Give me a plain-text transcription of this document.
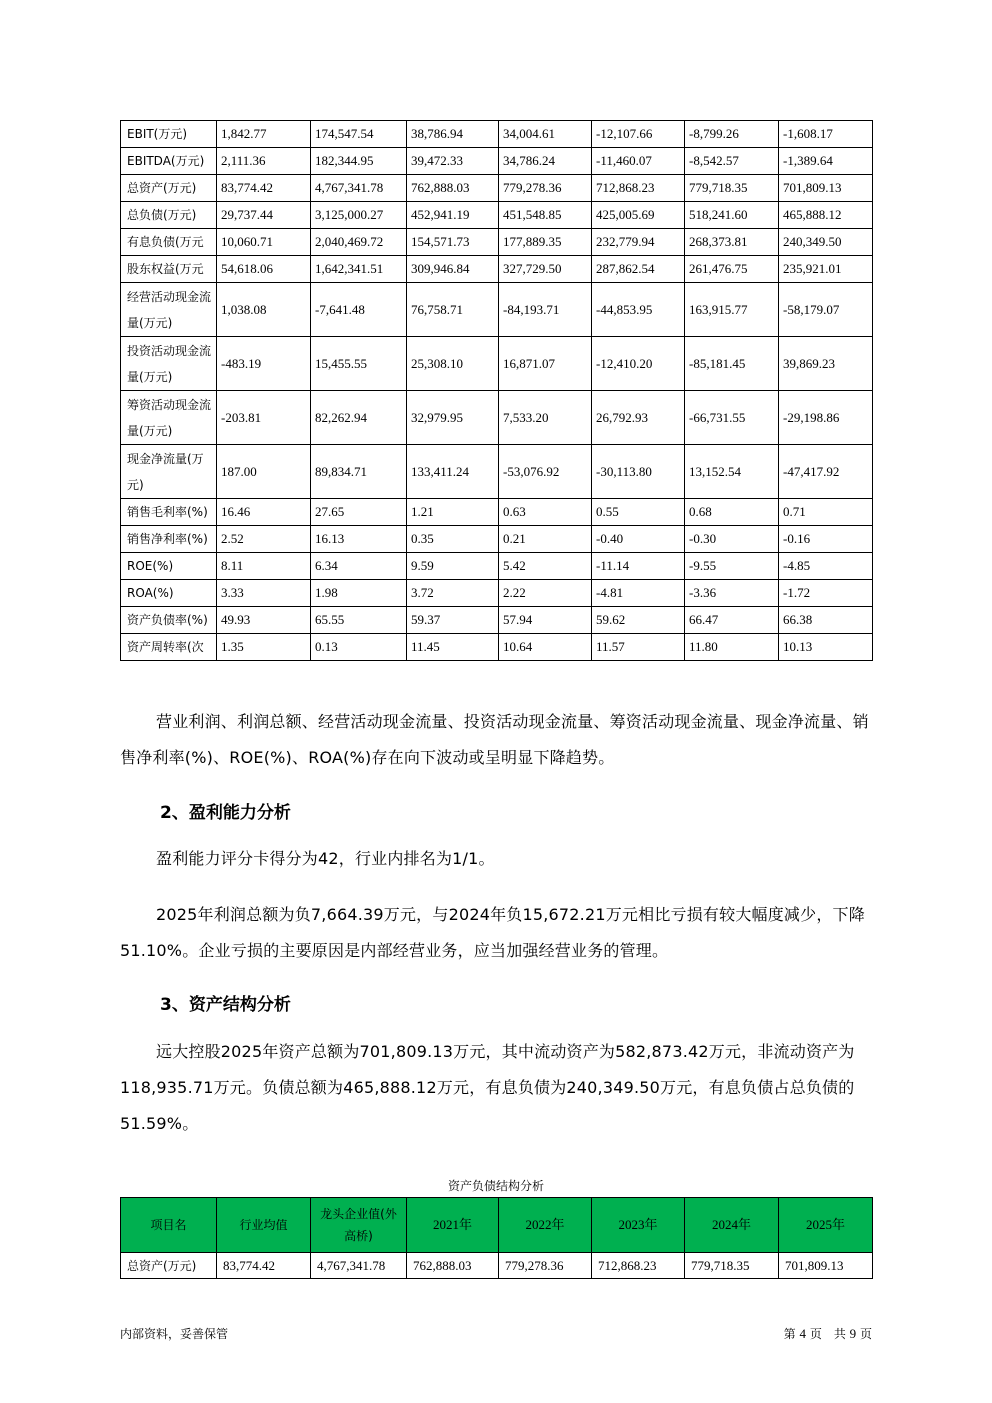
EBIT(万元)	1,842.77	174,547.54	38,786.94	34,004.61	-12,107.66	-8,799.26	-1,608.17
EBITDA(万元)	2,111.36	182,344.95	39,472.33	34,786.24	-11,460.07	-8,542.57	-1,389.64
总资产(万元)	83,774.42	4,767,341.78	762,888.03	779,278.36	712,868.23	779,718.35	701,809.13
总负债(万元)	29,737.44	3,125,000.27	452,941.19	451,548.85	425,005.69	518,241.60	465,888.12
有息负债(万元	10,060.71	2,040,469.72	154,571.73	177,889.35	232,779.94	268,373.81	240,349.50
股东权益(万元	54,618.06	1,642,341.51	309,946.84	327,729.50	287,862.54	261,476.75	235,921.01
经营活动现金流量(万元)	1,038.08	-7,641.48	76,758.71	-84,193.71	-44,853.95	163,915.77	-58,179.07
投资活动现金流量(万元)	-483.19	15,455.55	25,308.10	16,871.07	-12,410.20	-85,181.45	39,869.23
筹资活动现金流量(万元)	-203.81	82,262.94	32,979.95	7,533.20	26,792.93	-66,731.55	-29,198.86
现金净流量(万元)	187.00	89,834.71	133,411.24	-53,076.92	-30,113.80	13,152.54	-47,417.92
销售毛利率(%)	16.46	27.65	1.21	0.63	0.55	0.68	0.71
销售净利率(%)	2.52	16.13	0.35	0.21	-0.40	-0.30	-0.16
ROE(%)	8.11	6.34	9.59	5.42	-11.14	-9.55	-4.85
ROA(%)	3.33	1.98	3.72	2.22	-4.81	-3.36	-1.72
资产负债率(%)	49.93	65.55	59.37	57.94	59.62	66.47	66.38
资产周转率(次	1.35	0.13	11.45	10.64	11.57	11.80	10.13

营业利润、利润总额、经营活动现金流量、投资活动现金流量、筹资活动现金流量、现金净流量、销售净利率(%)、ROE(%)、ROA(%)存在向下波动或呈明显下降趋势。

2、盈利能力分析

盈利能力评分卡得分为42，行业内排名为1/1。

2025年利润总额为负7,664.39万元，与2024年负15,672.21万元相比亏损有较大幅度减少，下降51.10%。企业亏损的主要原因是内部经营业务，应当加强经营业务的管理。

3、资产结构分析

远大控股2025年资产总额为701,809.13万元，其中流动资产为582,873.42万元，非流动资产为118,935.71万元。负债总额为465,888.12万元，有息负债为240,349.50万元，有息负债占总负债的51.59%。

资产负债结构分析

项目名	行业均值	龙头企业值(外高桥)	2021年	2022年	2023年	2024年	2025年
总资产(万元)	83,774.42	4,767,341.78	762,888.03	779,278.36	712,868.23	779,718.35	701,809.13
内部资料，妥善保管	第 4 页　共 9 页
